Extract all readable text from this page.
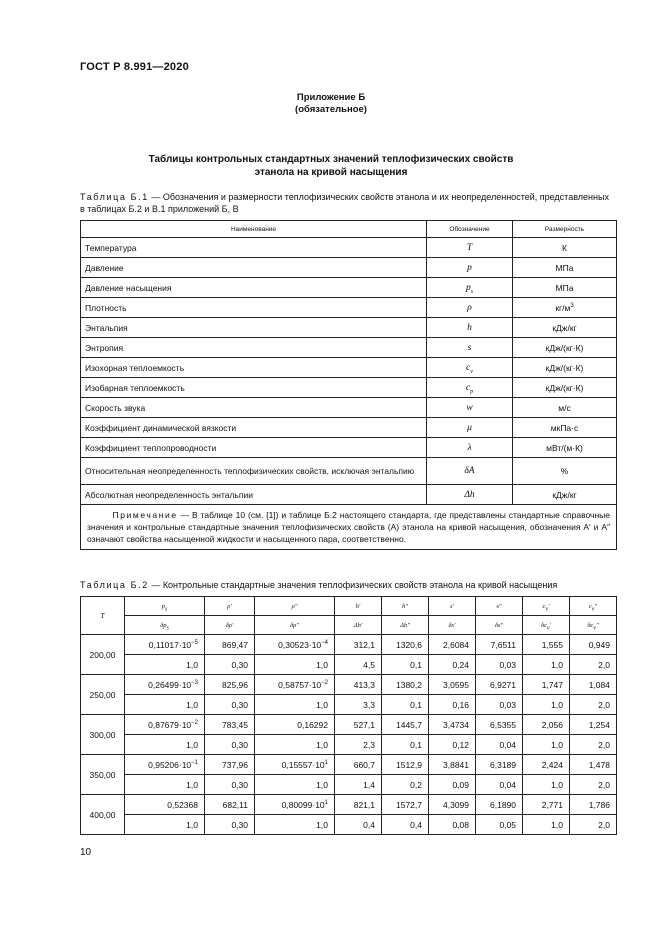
ГОСТ Р 8.991—2020
Приложение Б
(обязательное)
Таблицы контрольных стандартных значений теплофизических свойств
этанола на кривой насыщения
Таблица Б.1 — Обозначения и размерности теплофизических свойств этанола и их неопределенностей, представленных в таблицах Б.2 и В.1 приложений Б, В
Наименование	Обозначение	Размерность
Температура	T	К
Давление	p	МПа
Давление насыщения	$p_s$	МПа
Плотность	ρ	$кг/м^3$
Энтальпия	h	кДж/кг
Энтропия	s	кДж/(кг·К)
Изохорная теплоемкость	$c_v$	кДж/(кг·К)
Изобарная теплоемкость	$c_p$	кДж/(кг·К)
Скорость звука	w	м/с
Коэффициент динамической вязкости	μ	мкПа·с
Коэффициент теплопроводности	λ	мВт/(м·К)
Относительная неопределенность теплофизических свойств, исключая энтальпию	δA	%
Абсолютная неопределенность энтальпии	Δh	кДж/кг
   Примечание — В таблице 10 (см. [1]) и таблице Б.2 настоящего стандарта, где представлены стандартные справочные значения и контрольные стандартные значения теплофизических свойств (A) этанола на кривой насыщения, обозначения A′ и A″ означают свойства насыщенной жидкости и насыщенного пара, соответственно.		
Таблица Б.2 — Контрольные стандартные значения теплофизических свойств этанола на кривой насыщения
T	$p_s$	ρ′	ρ″	h′	h″	s′	s″	$c_v'$	$c_v''$
	$\delta p_s$	δρ′	δρ″	Δh′	Δh″	δs′	δs″	$\delta c_v'$	$\delta c_v''$
200,00	$0,11017\cdot 10^{-5}$	869,47	$0,30523\cdot 10^{-4}$	312,1	1320,6	2,6084	7,6511	1,555	0,949
	1,0	0,30	1,0	4,5	0,1	0,24	0,03	1,0	2,0
250,00	$0,26499\cdot 10^{-3}$	825,96	$0,58757\cdot 10^{-2}$	413,3	1380,2	3,0595	6,9271	1,747	1,084
	1,0	0,30	1,0	3,3	0,1	0,16	0,03	1,0	2,0
300,00	$0,87679\cdot 10^{-2}$	783,45	0,16292	527,1	1445,7	3,4734	6,5355	2,056	1,254
	1,0	0,30	1,0	2,3	0,1	0,12	0,04	1,0	2,0
350,00	$0,95206\cdot 10^{-1}$	737,96	$0,15557\cdot 10^1$	660,7	1512,9	3,8841	6,3189	2,424	1,478
	1,0	0,30	1,0	1,4	0,2	0,09	0,04	1,0	2,0
400,00	0,52368	682,11	$0,80099\cdot 10^1$	821,1	1572,7	4,3099	6,1890	2,771	1,786
	1,0	0,30	1,0	0,4	0,4	0,08	0,05	1,0	2,0
10
